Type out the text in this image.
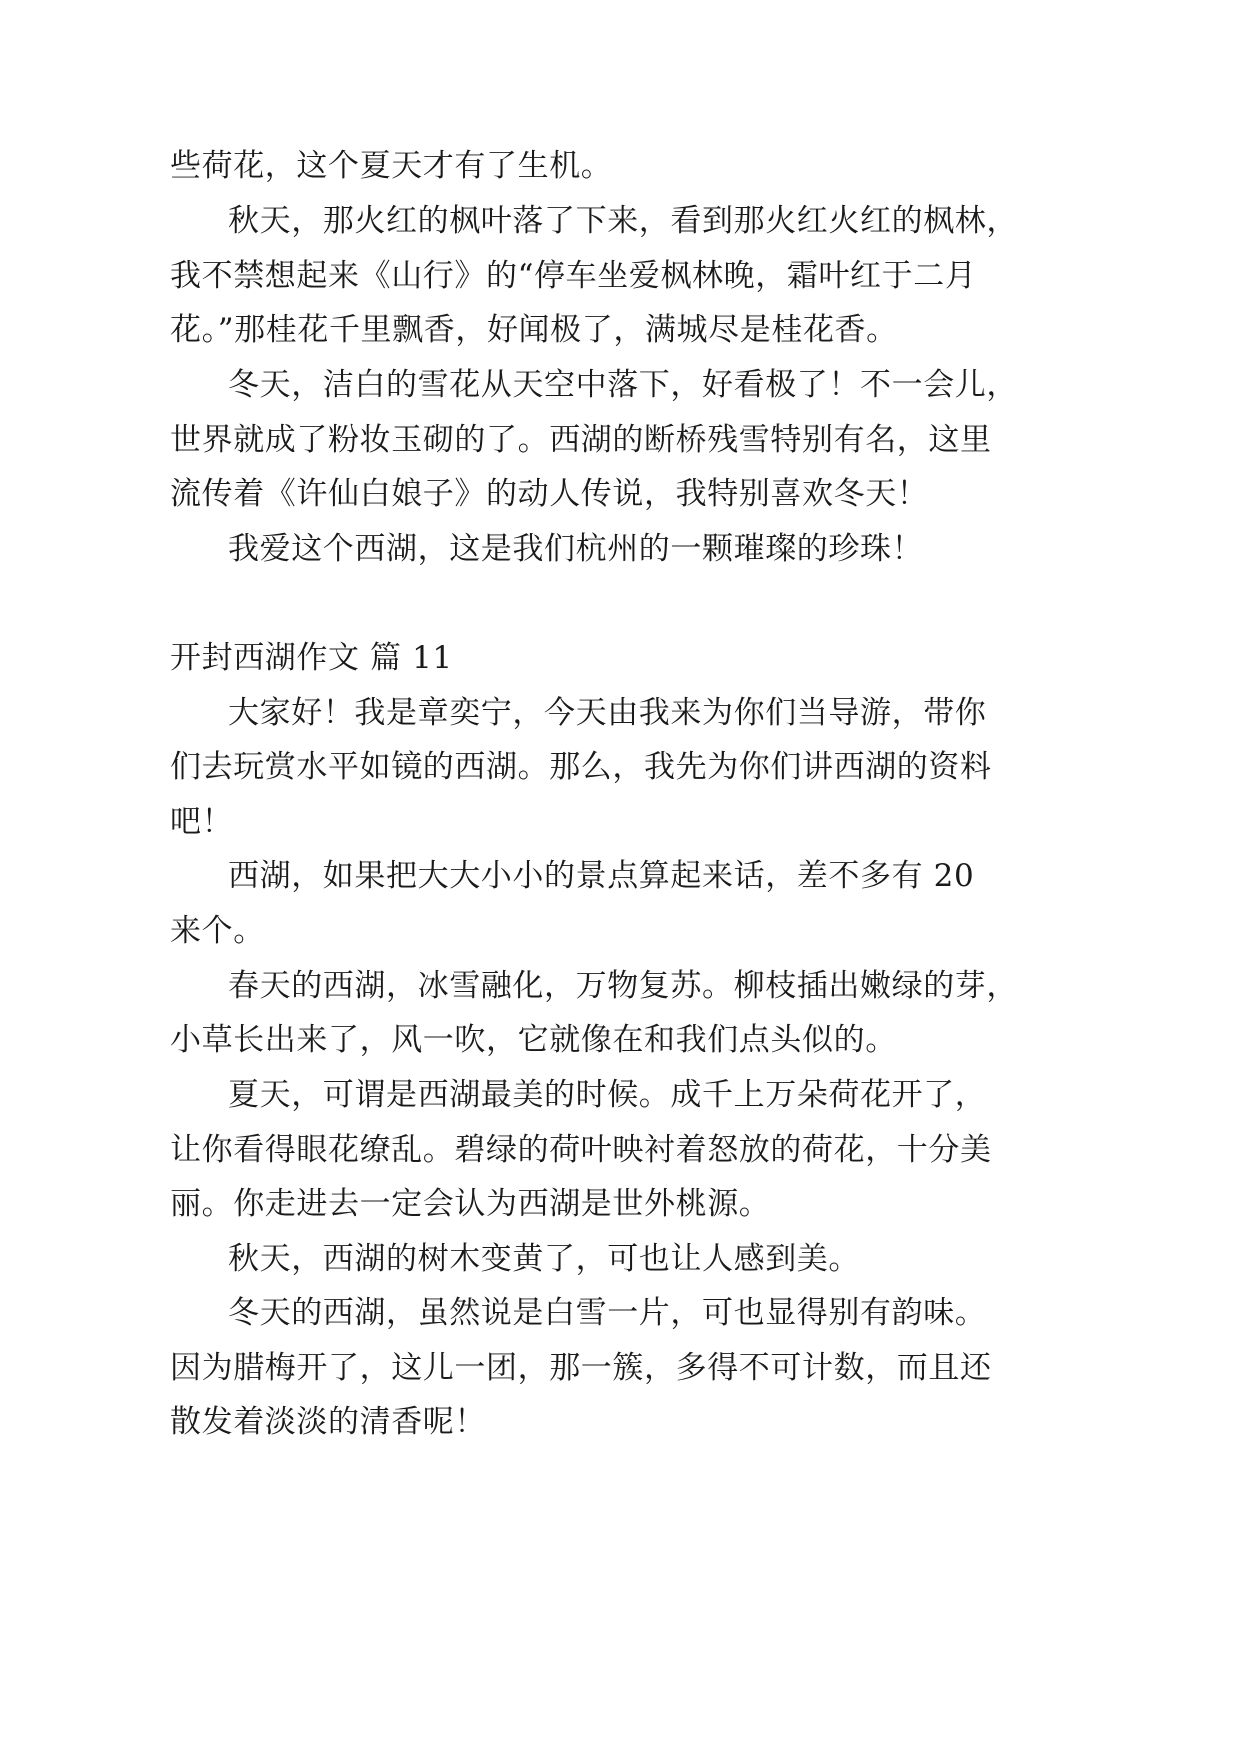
些荷花，这个夏天才有了生机。
秋天，那火红的枫叶落了下来，看到那火红火红的枫林，
我不禁想起来《山行》的“停车坐爱枫林晚，霜叶红于二月
花。”那桂花千里飘香，好闻极了，满城尽是桂花香。
冬天，洁白的雪花从天空中落下，好看极了！不一会儿，
世界就成了粉妆玉砌的了。西湖的断桥残雪特别有名，这里
流传着《许仙白娘子》的动人传说，我特别喜欢冬天！
我爱这个西湖，这是我们杭州的一颗璀璨的珍珠！
开封西湖作文 篇 11
大家好！我是章奕宁，今天由我来为你们当导游，带你
们去玩赏水平如镜的西湖。那么，我先为你们讲西湖的资料
吧！
西湖，如果把大大小小的景点算起来话，差不多有 20
来个。
春天的西湖，冰雪融化，万物复苏。柳枝插出嫩绿的芽，
小草长出来了，风一吹，它就像在和我们点头似的。
夏天，可谓是西湖最美的时候。成千上万朵荷花开了，
让你看得眼花缭乱。碧绿的荷叶映衬着怒放的荷花，十分美
丽。你走进去一定会认为西湖是世外桃源。
秋天，西湖的树木变黄了，可也让人感到美。
冬天的西湖，虽然说是白雪一片，可也显得别有韵味。
因为腊梅开了，这儿一团，那一簇，多得不可计数，而且还
散发着淡淡的清香呢！
